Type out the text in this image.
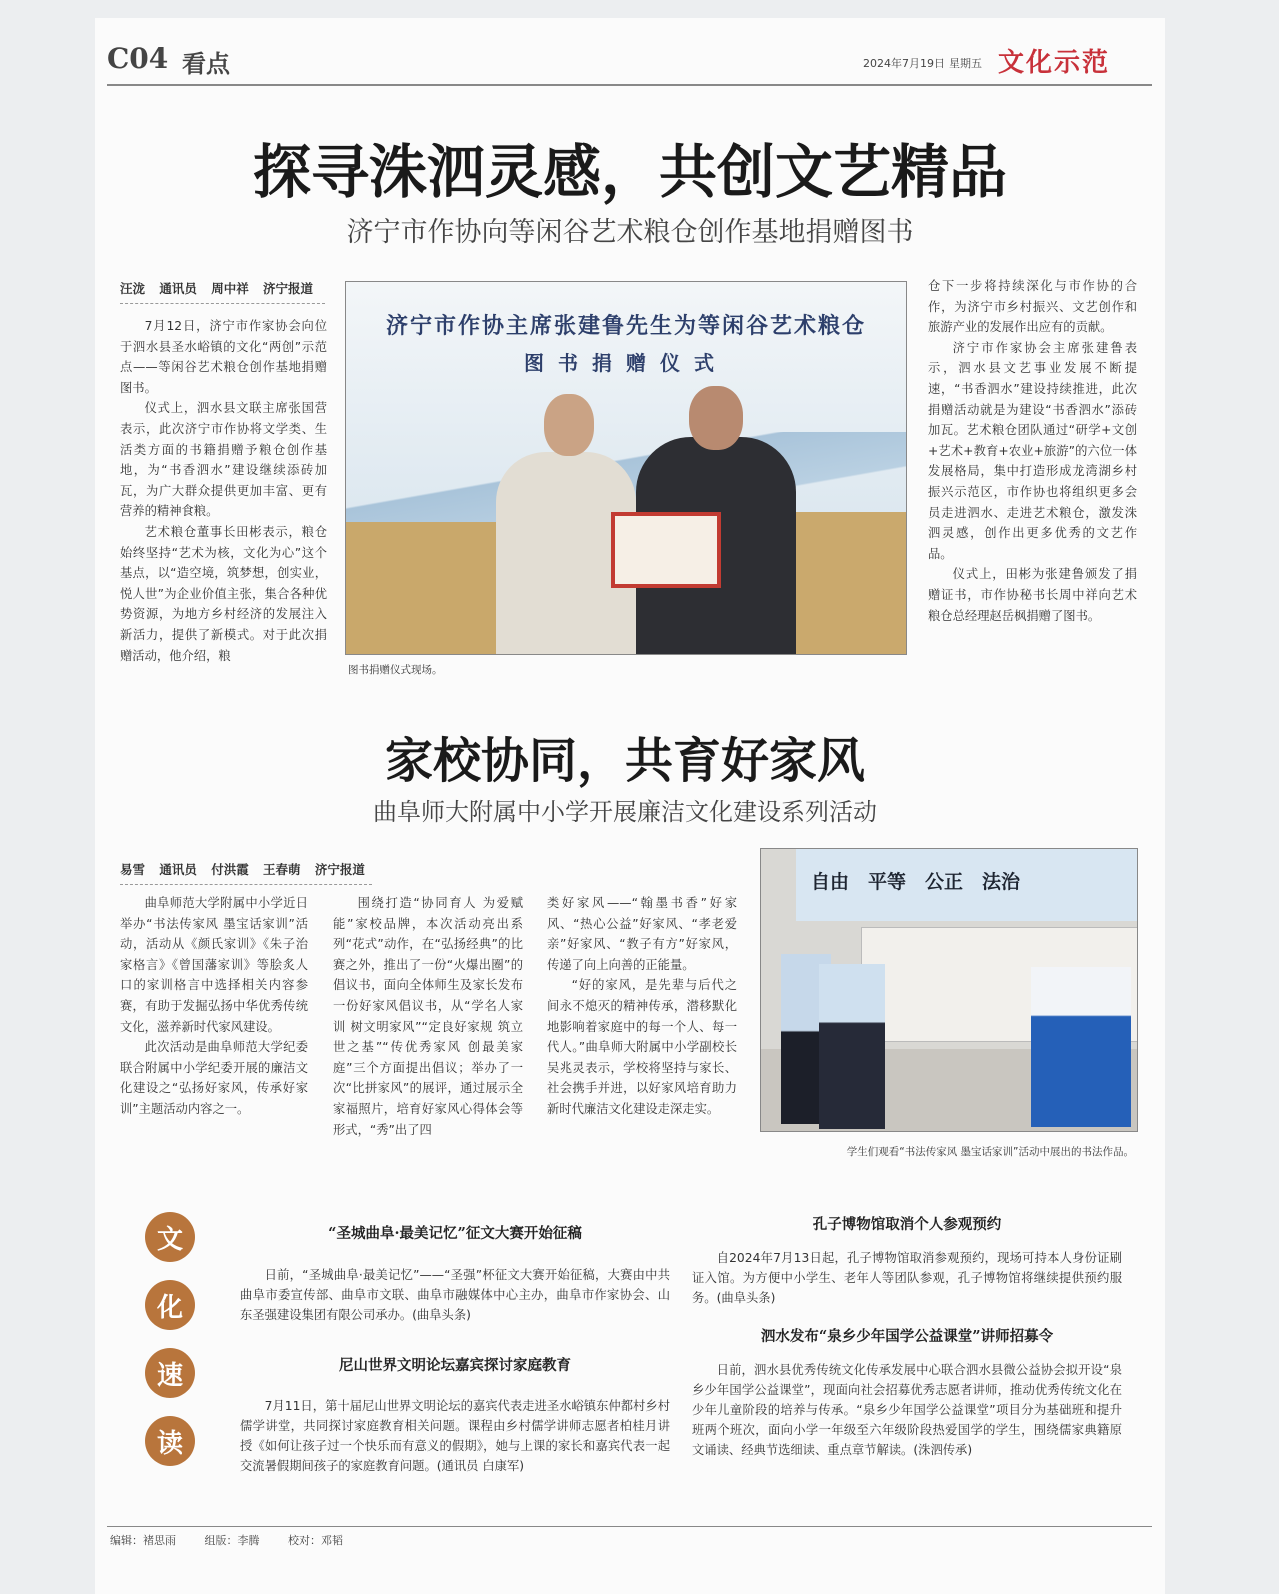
C04 看点	2024年7月19日 星期五 文化示范
探寻洙泗灵感，共创文艺精品
济宁市作协向等闲谷艺术粮仓创作基地捐赠图书
汪泷 通讯员 周中祥 济宁报道

7月12日，济宁市作家协会向位于泗水县圣水峪镇的文化“两创”示范点——等闲谷艺术粮仓创作基地捐赠图书。

仪式上，泗水县文联主席张国营表示，此次济宁市作协将文学类、生活类方面的书籍捐赠予粮仓创作基地，为“书香泗水”建设继续添砖加瓦，为广大群众提供更加丰富、更有营养的精神食粮。

艺术粮仓董事长田彬表示，粮仓始终坚持“艺术为核，文化为心”这个基点，以“造空境，筑梦想，创实业，悦人世”为企业价值主张，集合各种优势资源，为地方乡村经济的发展注入新活力，提供了新模式。对于此次捐赠活动，他介绍，粮

济宁市作协主席张建鲁先生为等闲谷艺术粮仓
图书捐赠仪式
图书捐赠仪式现场。

仓下一步将持续深化与市作协的合作，为济宁市乡村振兴、文艺创作和旅游产业的发展作出应有的贡献。

济宁市作家协会主席张建鲁表示，泗水县文艺事业发展不断提速，“书香泗水”建设持续推进，此次捐赠活动就是为建设“书香泗水”添砖加瓦。艺术粮仓团队通过“研学+文创+艺术+教育+农业+旅游”的六位一体发展格局，集中打造形成龙湾湖乡村振兴示范区，市作协也将组织更多会员走进泗水、走进艺术粮仓，激发洙泗灵感，创作出更多优秀的文艺作品。

仪式上，田彬为张建鲁颁发了捐赠证书，市作协秘书长周中祥向艺术粮仓总经理赵岳枫捐赠了图书。

家校协同，共育好家风
曲阜师大附属中小学开展廉洁文化建设系列活动
易雪 通讯员 付洪霞 王春萌 济宁报道

曲阜师范大学附属中小学近日举办“书法传家风 墨宝话家训”活动，活动从《颜氏家训》《朱子治家格言》《曾国藩家训》等脍炙人口的家训格言中选择相关内容参赛，有助于发掘弘扬中华优秀传统文化，滋养新时代家风建设。

此次活动是曲阜师范大学纪委联合附属中小学纪委开展的廉洁文化建设之“弘扬好家风，传承好家训”主题活动内容之一。

围绕打造“协同育人 为爱赋能”家校品牌，本次活动亮出系列“花式”动作，在“弘扬经典”的比赛之外，推出了一份“火爆出圈”的倡议书，面向全体师生及家长发布一份好家风倡议书，从“学名人家训 树文明家风”“定良好家规 筑立世之基”“传优秀家风 创最美家庭”三个方面提出倡议；举办了一次“比拼家风”的展评，通过展示全家福照片，培育好家风心得体会等形式，“秀”出了四

类好家风——“翰墨书香”好家风、“热心公益”好家风、“孝老爱亲”好家风、“教子有方”好家风，传递了向上向善的正能量。

“好的家风，是先辈与后代之间永不熄灭的精神传承，潜移默化地影响着家庭中的每一个人、每一代人。”曲阜师大附属中小学副校长吴兆灵表示，学校将坚持与家长、社会携手并进，以好家风培育助力新时代廉洁文化建设走深走实。

自由　平等　公正　法治
学生们观看“书法传家风 墨宝话家训”活动中展出的书法作品。
文
化
速
读
“圣城曲阜·最美记忆”征文大赛开始征稿

日前，“圣城曲阜·最美记忆”——“圣强”杯征文大赛开始征稿，大赛由中共曲阜市委宣传部、曲阜市文联、曲阜市融媒体中心主办，曲阜市作家协会、山东圣强建设集团有限公司承办。(曲阜头条)

尼山世界文明论坛嘉宾探讨家庭教育

7月11日，第十届尼山世界文明论坛的嘉宾代表走进圣水峪镇东仲都村乡村儒学讲堂，共同探讨家庭教育相关问题。课程由乡村儒学讲师志愿者柏桂月讲授《如何让孩子过一个快乐而有意义的假期》，她与上课的家长和嘉宾代表一起交流暑假期间孩子的家庭教育问题。(通讯员 白康军)

孔子博物馆取消个人参观预约

自2024年7月13日起，孔子博物馆取消参观预约，现场可持本人身份证刷证入馆。为方便中小学生、老年人等团队参观，孔子博物馆将继续提供预约服务。(曲阜头条)

泗水发布“泉乡少年国学公益课堂”讲师招募令

日前，泗水县优秀传统文化传承发展中心联合泗水县微公益协会拟开设“泉乡少年国学公益课堂”，现面向社会招募优秀志愿者讲师，推动优秀传统文化在少年儿童阶段的培养与传承。“泉乡少年国学公益课堂”项目分为基础班和提升班两个班次，面向小学一年级至六年级阶段热爱国学的学生，围绕儒家典籍原文诵读、经典节选细读、重点章节解读。(洙泗传承)

编辑：褚思雨	组版：李腾	校对：邓韬
